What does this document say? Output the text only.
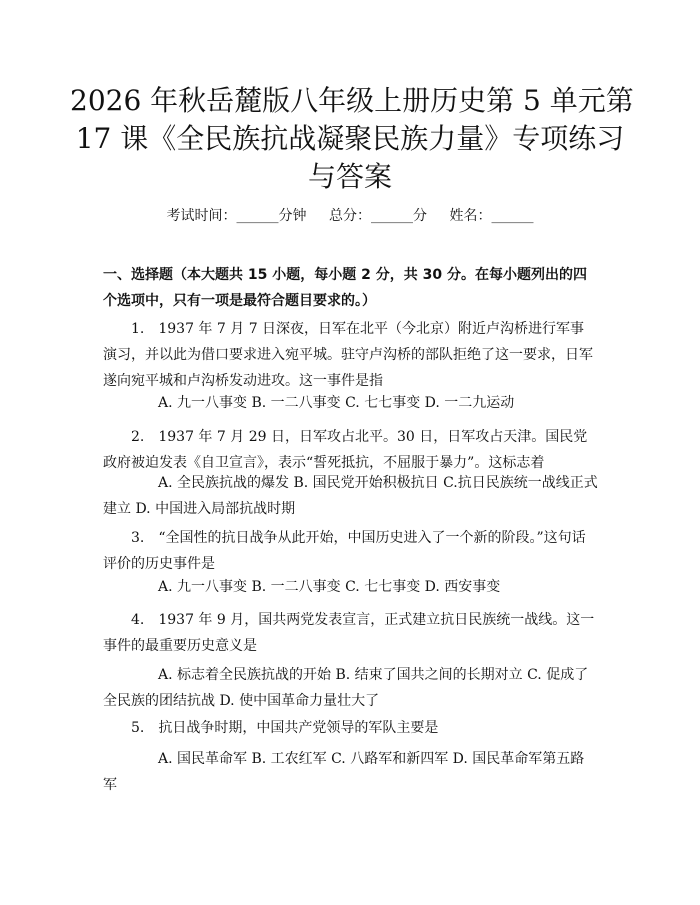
2026 年秋岳麓版八年级上册历史第 5 单元第
17 课《全民族抗战凝聚民族力量》专项练习
与答案
考试时间：______分钟 总分：______分 姓名：______

一、选择题（本大题共 15 小题，每小题 2 分，共 30 分。在每小题列出的四个选项中，只有一项是最符合题目要求的。）

1.　1937 年 7 月 7 日深夜，日军在北平（今北京）附近卢沟桥进行军事演习，并以此为借口要求进入宛平城。驻守卢沟桥的部队拒绝了这一要求，日军遂向宛平城和卢沟桥发动进攻。这一事件是指

A. 九一八事变 B. 一二八事变 C. 七七事变 D. 一二九运动

2.　1937 年 7 月 29 日，日军攻占北平。30 日，日军攻占天津。国民党政府被迫发表《自卫宣言》，表示“誓死抵抗，不屈服于暴力”。这标志着

A. 全民族抗战的爆发 B. 国民党开始积极抗日 C.抗日民族统一战线正式建立 D. 中国进入局部抗战时期

3.　“全国性的抗日战争从此开始，中国历史进入了一个新的阶段。”这句话评价的历史事件是

A. 九一八事变 B. 一二八事变 C. 七七事变 D. 西安事变

4.　1937 年 9 月，国共两党发表宣言，正式建立抗日民族统一战线。这一事件的最重要历史意义是

A. 标志着全民族抗战的开始 B. 结束了国共之间的长期对立 C. 促成了全民族的团结抗战 D. 使中国革命力量壮大了

5.　抗日战争时期，中国共产党领导的军队主要是

A. 国民革命军 B. 工农红军 C. 八路军和新四军 D. 国民革命军第五路军
